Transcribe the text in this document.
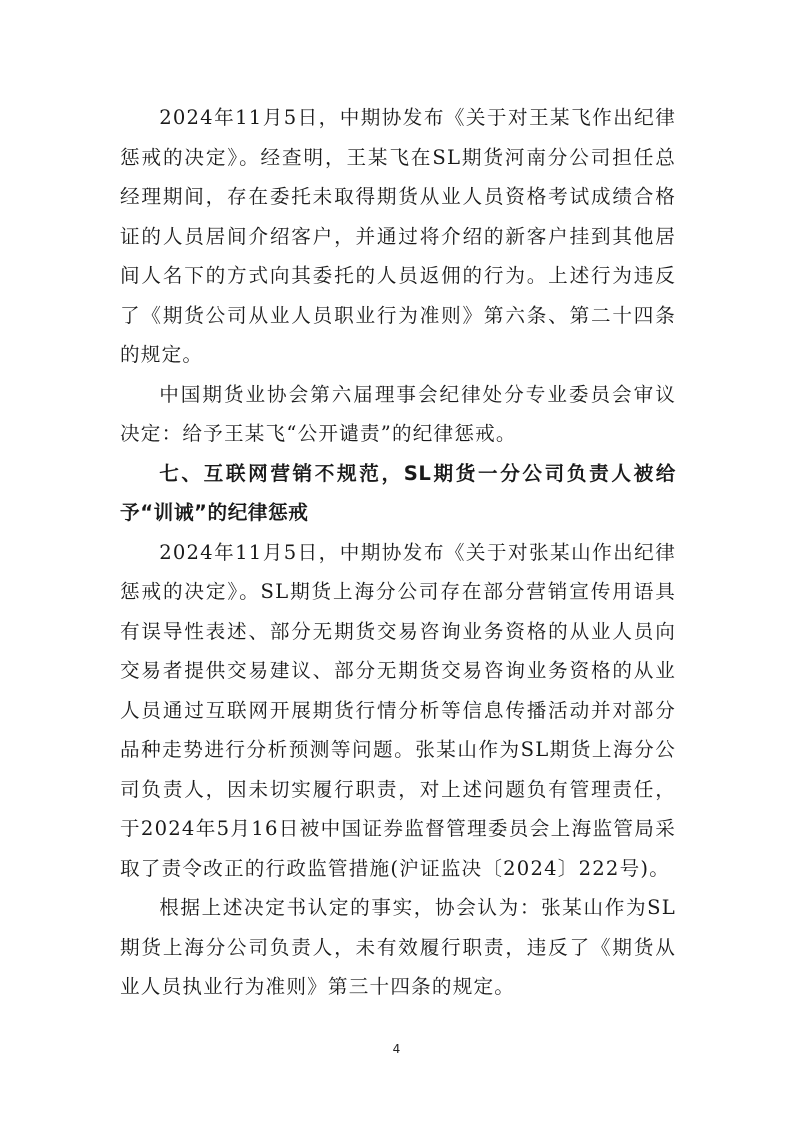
2024年11月5日，中期协发布《关于对王某飞作出纪律惩戒的决定》。经查明，王某飞在SL期货河南分公司担任总经理期间，存在委托未取得期货从业人员资格考试成绩合格证的人员居间介绍客户，并通过将介绍的新客户挂到其他居间人名下的方式向其委托的人员返佣的行为。上述行为违反了《期货公司从业人员职业行为准则》第六条、第二十四条的规定。

中国期货业协会第六届理事会纪律处分专业委员会审议决定：给予王某飞“公开谴责”的纪律惩戒。

七、互联网营销不规范，SL期货一分公司负责人被给予“训诫”的纪律惩戒

2024年11月5日，中期协发布《关于对张某山作出纪律惩戒的决定》。SL期货上海分公司存在部分营销宣传用语具有误导性表述、部分无期货交易咨询业务资格的从业人员向交易者提供交易建议、部分无期货交易咨询业务资格的从业人员通过互联网开展期货行情分析等信息传播活动并对部分品种走势进行分析预测等问题。张某山作为SL期货上海分公司负责人，因未切实履行职责，对上述问题负有管理责任，于2024年5月16日被中国证券监督管理委员会上海监管局采取了责令改正的行政监管措施(沪证监决〔2024〕222号)。

根据上述决定书认定的事实，协会认为：张某山作为SL期货上海分公司负责人，未有效履行职责，违反了《期货从业人员执业行为准则》第三十四条的规定。

4
